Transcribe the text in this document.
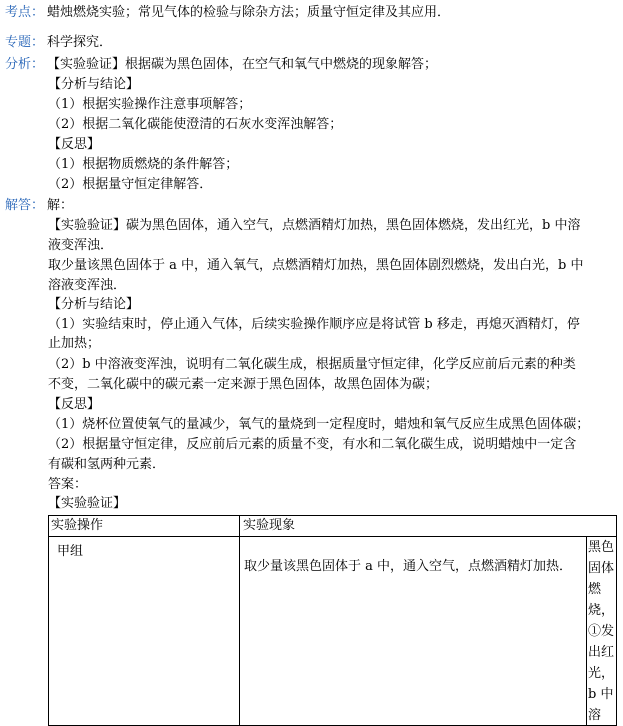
考点： 蜡烛燃烧实验；常见气体的检验与除杂方法；质量守恒定律及其应用．
专题： 科学探究．
分析： 【实验验证】根据碳为黑色固体，在空气和氧气中燃烧的现象解答；
【分析与结论】
（1）根据实验操作注意事项解答；
（2）根据二氧化碳能使澄清的石灰水变浑浊解答；
【反思】
（1）根据物质燃烧的条件解答；
（2）根据量守恒定律解答．
解答： 解：
【实验验证】碳为黑色固体，通入空气，点燃酒精灯加热，黑色固体燃烧，发出红光，b 中溶
液变浑浊．
取少量该黑色固体于 a 中，通入氧气，点燃酒精灯加热，黑色固体剧烈燃烧，发出白光，b 中
溶液变浑浊．
【分析与结论】
（1）实验结束时，停止通入气体，后续实验操作顺序应是将试管 b 移走，再熄灭酒精灯，停
止加热；
（2）b 中溶液变浑浊，说明有二氧化碳生成，根据质量守恒定律，化学反应前后元素的种类
不变，二氧化碳中的碳元素一定来源于黑色固体，故黑色固体为碳；
【反思】
（1）烧杯位置使氧气的量减少，氧气的量烧到一定程度时，蜡烛和氧气反应生成黑色固体碳；
（2）根据量守恒定律，反应前后元素的质量不变，有水和二氧化碳生成，说明蜡烛中一定含
有碳和氢两种元素．
答案：
【实验验证】
实验操作	实验现象
甲组
取少量该黑色固体于 a 中，通入空气，点燃酒精灯加热．
黑色固体燃烧，①发出红光，b 中溶
